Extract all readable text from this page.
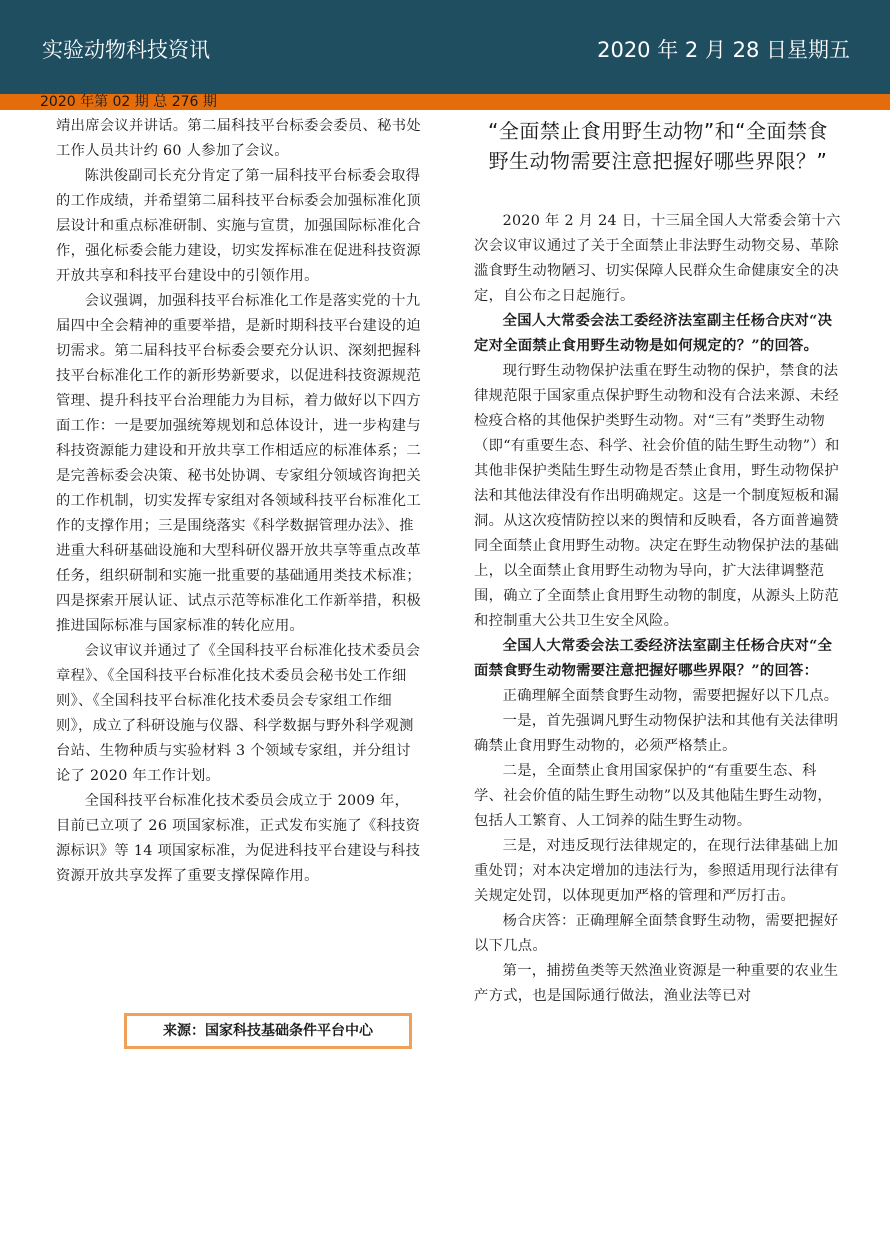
实验动物科技资讯	2020 年 2 月 28 日星期五
2020 年第 02 期 总 276 期

靖出席会议并讲话。第二届科技平台标委会委员、秘书处工作人员共计约 60 人参加了会议。

陈洪俊副司长充分肯定了第一届科技平台标委会取得的工作成绩，并希望第二届科技平台标委会加强标准化顶层设计和重点标准研制、实施与宣贯，加强国际标准化合作，强化标委会能力建设，切实发挥标准在促进科技资源开放共享和科技平台建设中的引领作用。

会议强调，加强科技平台标准化工作是落实党的十九届四中全会精神的重要举措，是新时期科技平台建设的迫切需求。第二届科技平台标委会要充分认识、深刻把握科技平台标准化工作的新形势新要求，以促进科技资源规范管理、提升科技平台治理能力为目标，着力做好以下四方面工作：一是要加强统筹规划和总体设计，进一步构建与科技资源能力建设和开放共享工作相适应的标准体系；二是完善标委会决策、秘书处协调、专家组分领域咨询把关的工作机制，切实发挥专家组对各领域科技平台标准化工作的支撑作用；三是围绕落实《科学数据管理办法》、推进重大科研基础设施和大型科研仪器开放共享等重点改革任务，组织研制和实施一批重要的基础通用类技术标准；四是探索开展认证、试点示范等标准化工作新举措，积极推进国际标准与国家标准的转化应用。

会议审议并通过了《全国科技平台标准化技术委员会章程》、《全国科技平台标准化技术委员会秘书处工作细则》、《全国科技平台标准化技术委员会专家组工作细则》，成立了科研设施与仪器、科学数据与野外科学观测台站、生物种质与实验材料 3 个领域专家组，并分组讨论了 2020 年工作计划。

全国科技平台标准化技术委员会成立于 2009 年，目前已立项了 26 项国家标准，正式发布实施了《科技资源标识》等 14 项国家标准，为促进科技平台建设与科技资源开放共享发挥了重要支撑保障作用。

来源：国家科技基础条件平台中心
“全面禁止食用野生动物”和“全面禁食野生动物需要注意把握好哪些界限？”

2020 年 2 月 24 日，十三届全国人大常委会第十六次会议审议通过了关于全面禁止非法野生动物交易、革除滥食野生动物陋习、切实保障人民群众生命健康安全的决定，自公布之日起施行。

全国人大常委会法工委经济法室副主任杨合庆对“决定对全面禁止食用野生动物是如何规定的？”的回答。

现行野生动物保护法重在野生动物的保护，禁食的法律规范限于国家重点保护野生动物和没有合法来源、未经检疫合格的其他保护类野生动物。对“三有”类野生动物（即“有重要生态、科学、社会价值的陆生野生动物”）和其他非保护类陆生野生动物是否禁止食用，野生动物保护法和其他法律没有作出明确规定。这是一个制度短板和漏洞。从这次疫情防控以来的舆情和反映看，各方面普遍赞同全面禁止食用野生动物。决定在野生动物保护法的基础上，以全面禁止食用野生动物为导向，扩大法律调整范围，确立了全面禁止食用野生动物的制度，从源头上防范和控制重大公共卫生安全风险。

全国人大常委会法工委经济法室副主任杨合庆对“全面禁食野生动物需要注意把握好哪些界限？”的回答：

正确理解全面禁食野生动物，需要把握好以下几点。

一是，首先强调凡野生动物保护法和其他有关法律明确禁止食用野生动物的，必须严格禁止。

二是，全面禁止食用国家保护的“有重要生态、科学、社会价值的陆生野生动物”以及其他陆生野生动物，包括人工繁育、人工饲养的陆生野生动物。

三是，对违反现行法律规定的，在现行法律基础上加重处罚；对本决定增加的违法行为，参照适用现行法律有关规定处罚，以体现更加严格的管理和严厉打击。

杨合庆答：正确理解全面禁食野生动物，需要把握好以下几点。

第一，捕捞鱼类等天然渔业资源是一种重要的农业生产方式，也是国际通行做法，渔业法等已对
